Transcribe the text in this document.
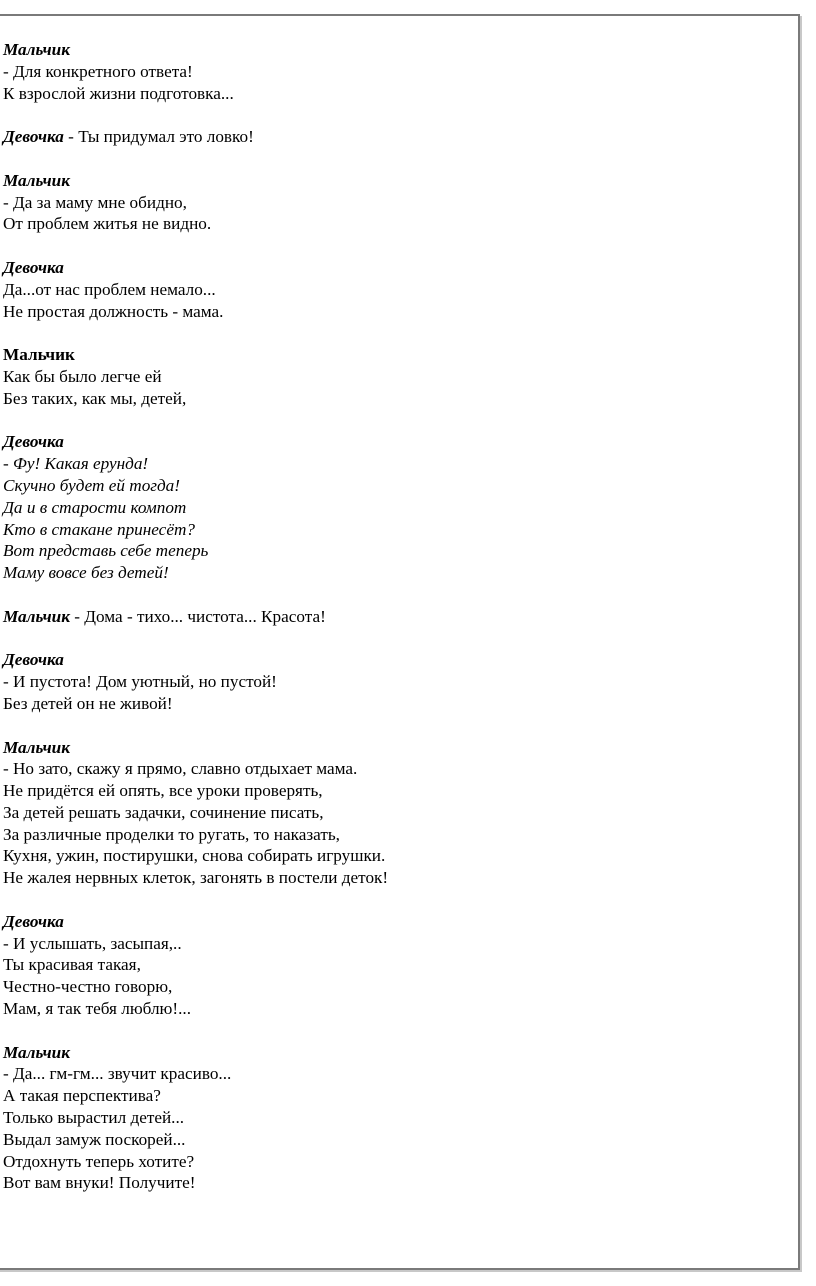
Мальчик
- Для конкретного ответа!
К взрослой жизни подготовка...
Девочка - Ты придумал это ловко!
Мальчик
- Да за маму мне обидно,
От проблем житья не видно.
Девочка
Да...от нас проблем немало...
Не простая должность - мама.
Мальчик
Как бы было легче ей
Без таких, как мы, детей,
Девочка
- Фу! Какая ерунда!
Скучно будет ей тогда!
Да и в старости компот
Кто в стакане принесёт?
Вот представь себе теперь
Маму вовсе без детей!
Мальчик - Дома - тихо... чистота... Красота!
Девочка
- И пустота! Дом уютный, но пустой!
Без детей он не живой!
Мальчик
- Но зато, скажу я прямо, славно отдыхает мама.
Не придётся ей опять, все уроки проверять,
За детей решать задачки, сочинение писать,
За различные проделки то ругать, то наказать,
Кухня, ужин, постирушки, снова собирать игрушки.
Не жалея нервных клеток, загонять в постели деток!
Девочка
- И услышать, засыпая,..
Ты красивая такая,
Честно-честно говорю,
Мам, я так тебя люблю!...
Мальчик
- Да... гм-гм... звучит красиво...
А такая перспектива?
Только вырастил детей...
Выдал замуж поскорей...
Отдохнуть теперь хотите?
Вот вам внуки! Получите!
